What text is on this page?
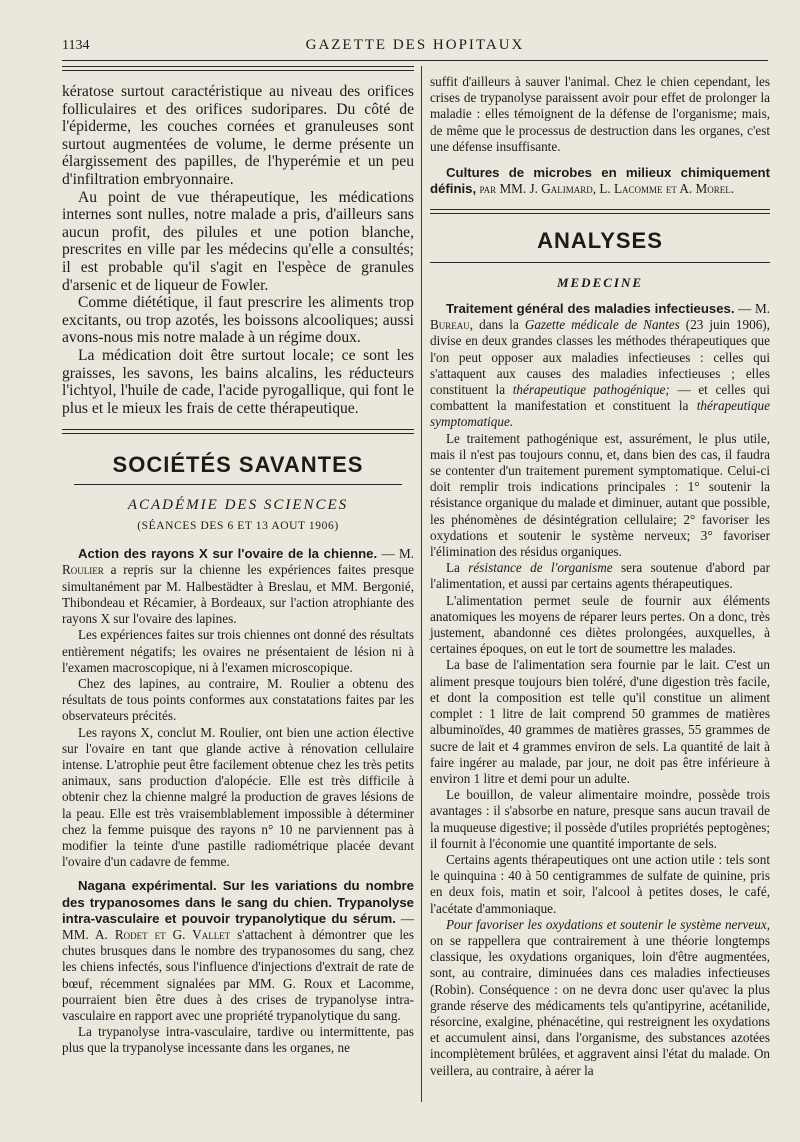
1134	GAZETTE DES HOPITAUX

kératose surtout caractéristique au niveau des orifices folliculaires et des orifices sudoripares. Du côté de l'épiderme, les couches cornées et granuleuses sont surtout augmentées de volume, le derme présente un élargissement des papilles, de l'hyperémie et un peu d'infiltration embryonnaire.

Au point de vue thérapeutique, les médications internes sont nulles, notre malade a pris, d'ailleurs sans aucun profit, des pilules et une potion blanche, prescrites en ville par les médecins qu'elle a consultés; il est probable qu'il s'agit en l'espèce de granules d'arsenic et de liqueur de Fowler.

Comme diététique, il faut prescrire les aliments trop excitants, ou trop azotés, les boissons alcooliques; aussi avons-nous mis notre malade à un régime doux.

La médication doit être surtout locale; ce sont les graisses, les savons, les bains alcalins, les réducteurs l'ichtyol, l'huile de cade, l'acide pyrogallique, qui font le plus et le mieux les frais de cette thérapeutique.

SOCIÉTÉS SAVANTES
ACADÉMIE DES SCIENCES
(SÉANCES DES 6 ET 13 AOUT 1906)

Action des rayons X sur l'ovaire de la chienne. — M. Roulier a repris sur la chienne les expériences faites presque simultanément par M. Halbestädter à Breslau, et MM. Bergonié, Thibondeau et Récamier, à Bordeaux, sur l'action atrophiante des rayons X sur l'ovaire des lapines.

Les expériences faites sur trois chiennes ont donné des résultats entièrement négatifs; les ovaires ne présentaient de lésion ni à l'examen macroscopique, ni à l'examen microscopique.

Chez des lapines, au contraire, M. Roulier a obtenu des résultats de tous points conformes aux constatations faites par les observateurs précités.

Les rayons X, conclut M. Roulier, ont bien une action élective sur l'ovaire en tant que glande active à rénovation cellulaire intense. L'atrophie peut être facilement obtenue chez les très petits animaux, sans production d'alopécie. Elle est très difficile à obtenir chez la chienne malgré la production de graves lésions de la peau. Elle est très vraisemblablement impossible à déterminer chez la femme puisque des rayons n° 10 ne parviennent pas à modifier la teinte d'une pastille radiométrique placée devant l'ovaire d'un cadavre de femme.

Nagana expérimental. Sur les variations du nombre des trypanosomes dans le sang du chien. Trypanolyse intra-vasculaire et pouvoir trypanolytique du sérum. — MM. A. Rodet et G. Vallet s'attachent à démontrer que les chutes brusques dans le nombre des trypanosomes du sang, chez les chiens infectés, sous l'influence d'injections d'extrait de rate de bœuf, récemment signalées par MM. G. Roux et Lacomme, pourraient bien être dues à des crises de trypanolyse intra-vasculaire en rapport avec une propriété trypanolytique du sang.

La trypanolyse intra-vasculaire, tardive ou intermittente, pas plus que la trypanolyse incessante dans les organes, ne

suffit d'ailleurs à sauver l'animal. Chez le chien cependant, les crises de trypanolyse paraissent avoir pour effet de prolonger la maladie : elles témoignent de la défense de l'organisme; mais, de même que le processus de destruction dans les organes, c'est une défense insuffisante.

Cultures de microbes en milieux chimiquement définis, par MM. J. Galimard, L. Lacomme et A. Morel.

ANALYSES
MEDECINE

Traitement général des maladies infectieuses. — M. Bureau, dans la Gazette médicale de Nantes (23 juin 1906), divise en deux grandes classes les méthodes thérapeutiques que l'on peut opposer aux maladies infectieuses : celles qui s'attaquent aux causes des maladies infectieuses ; elles constituent la thérapeutique pathogénique; — et celles qui combattent la manifestation et constituent la thérapeutique symptomatique.

Le traitement pathogénique est, assurément, le plus utile, mais il n'est pas toujours connu, et, dans bien des cas, il faudra se contenter d'un traitement purement symptomatique. Celui-ci doit remplir trois indications principales : 1° soutenir la résistance organique du malade et diminuer, autant que possible, les phénomènes de désintégration cellulaire; 2° favoriser les oxydations et soutenir le système nerveux; 3° favoriser l'élimination des résidus organiques.

La résistance de l'organisme sera soutenue d'abord par l'alimentation, et aussi par certains agents thérapeutiques.

L'alimentation permet seule de fournir aux éléments anatomiques les moyens de réparer leurs pertes. On a donc, très justement, abandonné ces diètes prolongées, auxquelles, à certaines époques, on eut le tort de soumettre les malades.

La base de l'alimentation sera fournie par le lait. C'est un aliment presque toujours bien toléré, d'une digestion très facile, et dont la composition est telle qu'il constitue un aliment complet : 1 litre de lait comprend 50 grammes de matières albuminoïdes, 40 grammes de matières grasses, 55 grammes de sucre de lait et 4 grammes environ de sels. La quantité de lait à faire ingérer au malade, par jour, ne doit pas être inférieure à environ 1 litre et demi pour un adulte.

Le bouillon, de valeur alimentaire moindre, possède trois avantages : il s'absorbe en nature, presque sans aucun travail de la muqueuse digestive; il possède d'utiles propriétés peptogènes; il fournit à l'économie une quantité importante de sels.

Certains agents thérapeutiques ont une action utile : tels sont le quinquina : 40 à 50 centigrammes de sulfate de quinine, pris en deux fois, matin et soir, l'alcool à petites doses, le café, l'acétate d'ammoniaque.

Pour favoriser les oxydations et soutenir le système nerveux, on se rappellera que contrairement à une théorie longtemps classique, les oxydations organiques, loin d'être augmentées, sont, au contraire, diminuées dans ces maladies infectieuses (Robin). Conséquence : on ne devra donc user qu'avec la plus grande réserve des médicaments tels qu'antipyrine, acétanilide, résorcine, exalgine, phénacétine, qui restreignent les oxydations et accumulent ainsi, dans l'organisme, des substances azotées incomplètement brûlées, et aggravent ainsi l'état du malade. On veillera, au contraire, à aérer la
